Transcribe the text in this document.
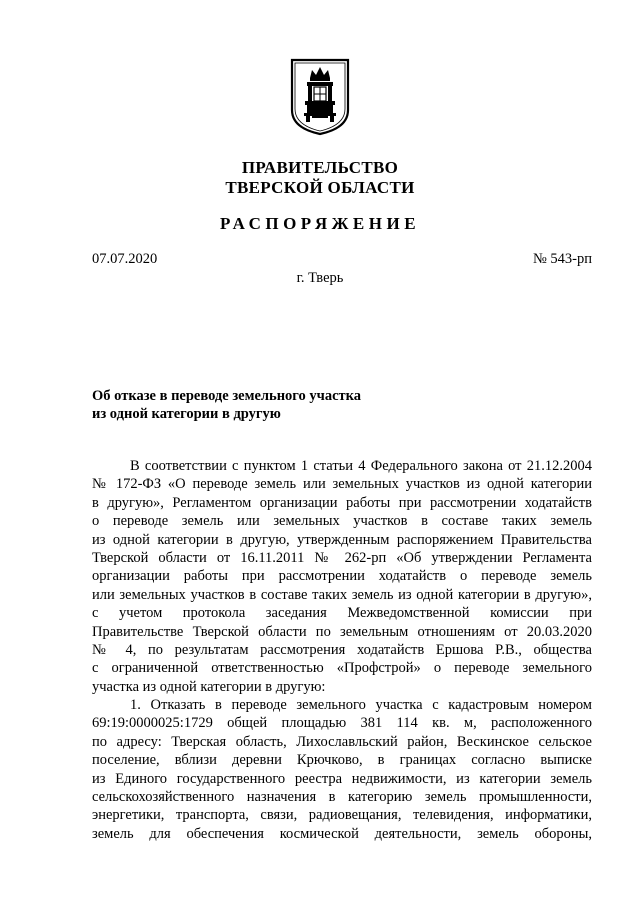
ПРАВИТЕЛЬСТВО
ТВЕРСКОЙ ОБЛАСТИ
РАСПОРЯЖЕНИЕ
07.07.2020	№ 543-рп
г. Тверь
Об отказе в переводе земельного участка
из одной категории в другую
В соответствии с пунктом 1 статьи 4 Федерального закона от 21.12.2004
№ 172-ФЗ «О переводе земель или земельных участков из одной категории
в другую», Регламентом организации работы при рассмотрении ходатайств
о переводе земель или земельных участков в составе таких земель
из одной категории в другую, утвержденным распоряжением Правительства
Тверской области от 16.11.2011 № 262-рп «Об утверждении Регламента
организации работы при рассмотрении ходатайств о переводе земель
или земельных участков в составе таких земель из одной категории в другую»,
с учетом протокола заседания Межведомственной комиссии при
Правительстве Тверской области по земельным отношениям от 20.03.2020
№ 4, по результатам рассмотрения ходатайств Ершова Р.В., общества
с ограниченной ответственностью «Профстрой» о переводе земельного
участка из одной категории в другую:
1. Отказать в переводе земельного участка с кадастровым номером
69:19:0000025:1729 общей площадью 381 114 кв. м, расположенного
по адресу: Тверская область, Лихославльский район, Вескинское сельское
поселение, вблизи деревни Крючково, в границах согласно выписке
из Единого государственного реестра недвижимости, из категории земель
сельскохозяйственного назначения в категорию земель промышленности,
энергетики, транспорта, связи, радиовещания, телевидения, информатики,
земель для обеспечения космической деятельности, земель обороны,
